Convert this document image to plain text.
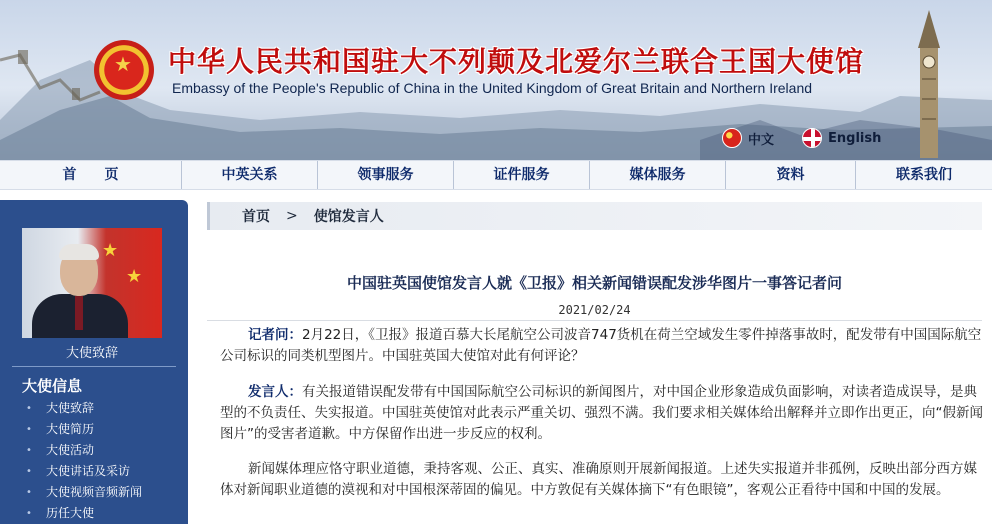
★ 中华人民共和国驻大不列颠及北爱尔兰联合王国大使馆
Embassy of the People's Republic of China in the United Kingdom of Great Britain and Northern Ireland
中文	English
首　　页	中英关系	领事服务	证件服务	媒体服务	资料	联系我们
★
★
大使致辞
大使信息
•	大使致辞
•	大使简历
•	大使活动
•	大使讲话及采访
•	大使视频音频新闻
•	历任大使
首页 > 使馆发言人
中国驻英国使馆发言人就《卫报》相关新闻错误配发涉华图片一事答记者问
2021/02/24
记者问：2月22日，《卫报》报道百慕大长尾航空公司波音747货机在荷兰空域发生零件掉落事故时，配发带有中国国际航空公司标识的同类机型图片。中国驻英国大使馆对此有何评论？
发言人：有关报道错误配发带有中国国际航空公司标识的新闻图片，对中国企业形象造成负面影响，对读者造成误导，是典型的不负责任、失实报道。中国驻英使馆对此表示严重关切、强烈不满。我们要求相关媒体给出解释并立即作出更正，向“假新闻图片”的受害者道歉。中方保留作出进一步反应的权利。
新闻媒体理应恪守职业道德，秉持客观、公正、真实、准确原则开展新闻报道。上述失实报道并非孤例，反映出部分西方媒体对新闻职业道德的漠视和对中国根深蒂固的偏见。中方敦促有关媒体摘下“有色眼镜”，客观公正看待中国和中国的发展。
